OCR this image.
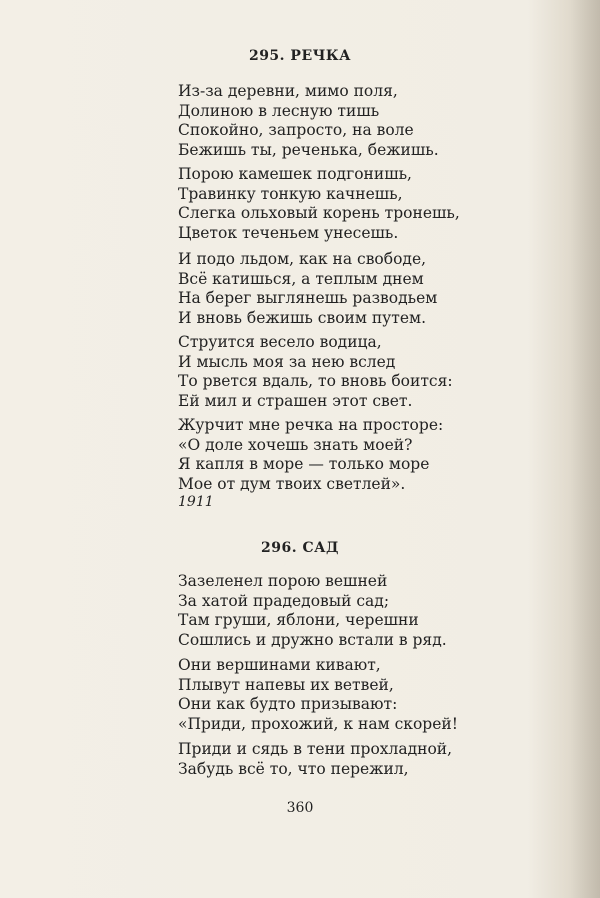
295. РЕЧКА
Из-за деревни, мимо поля,
Долиною в лесную тишь
Спокойно, запросто, на воле
Бежишь ты, реченька, бежишь.
Порою камешек подгонишь,
Травинку тонкую качнешь,
Слегка ольховый корень тронешь,
Цветок теченьем унесешь.
И подо льдом, как на свободе,
Всё катишься, а теплым днем
На берег выглянешь разводьем
И вновь бежишь своим путем.
Струится весело водица,
И мысль моя за нею вслед
То рвется вдаль, то вновь боится:
Ей мил и страшен этот свет.
Журчит мне речка на просторе:
«О доле хочешь знать моей?
Я капля в море — только море
Мое от дум твоих светлей».
1911
296. САД
Зазеленел порою вешней
За хатой прадедовый сад;
Там груши, яблони, черешни
Сошлись и дружно встали в ряд.
Они вершинами кивают,
Плывут напевы их ветвей,
Они как будто призывают:
«Приди, прохожий, к нам скорей!
Приди и сядь в тени прохладной,
Забудь всё то, что пережил,
360
